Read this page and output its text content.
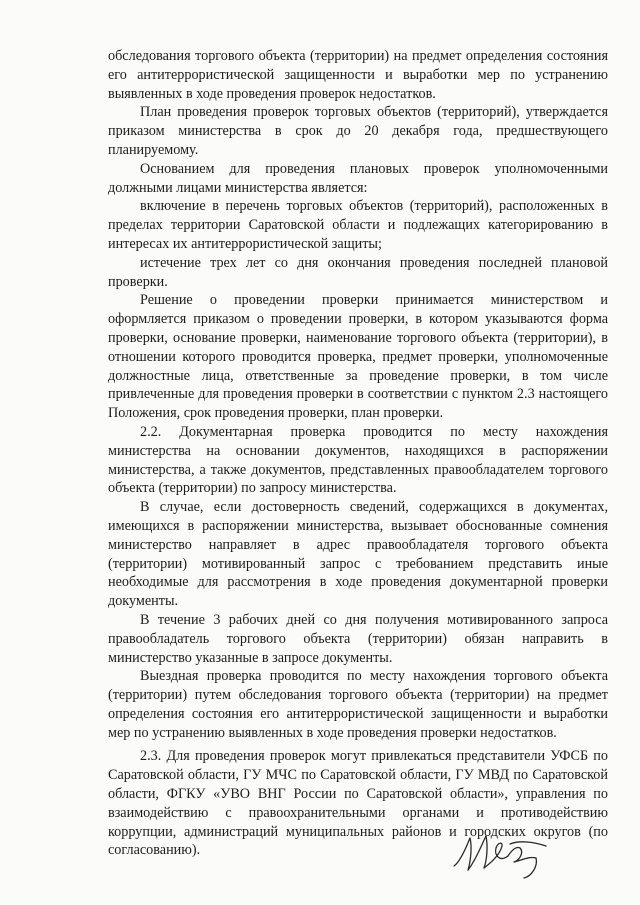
обследования торгового объекта (территории) на предмет определения состояния его антитеррористической защищенности и выработки мер по устранению выявленных в ходе проведения проверок недостатков.

План проведения проверок торговых объектов (территорий), утверждается приказом министерства в срок до 20 декабря года, предшествующего планируемому.

Основанием для проведения плановых проверок уполномоченными должными лицами министерства является:

включение в перечень торговых объектов (территорий), расположенных в пределах территории Саратовской области и подлежащих категорированию в интересах их антитеррористической защиты;

истечение трех лет со дня окончания проведения последней плановой проверки.

Решение о проведении проверки принимается министерством и оформляется приказом о проведении проверки, в котором указываются форма проверки, основание проверки, наименование торгового объекта (территории), в отношении которого проводится проверка, предмет проверки, уполномоченные должностные лица, ответственные за проведение проверки, в том числе привлеченные для проведения проверки в соответствии с пунктом 2.3 настоящего Положения, срок проведения проверки, план проверки.

2.2. Документарная проверка проводится по месту нахождения министерства на основании документов, находящихся в распоряжении министерства, а также документов, представленных правообладателем торгового объекта (территории) по запросу министерства.

В случае, если достоверность сведений, содержащихся в документах, имеющихся в распоряжении министерства, вызывает обоснованные сомнения министерство направляет в адрес правообладателя торгового объекта (территории) мотивированный запрос с требованием представить иные необходимые для рассмотрения в ходе проведения документарной проверки документы.

В течение 3 рабочих дней со дня получения мотивированного запроса правообладатель торгового объекта (территории) обязан направить в министерство указанные в запросе документы.

Выездная проверка проводится по месту нахождения торгового объекта (территории) путем обследования торгового объекта (территории) на предмет определения состояния его антитеррористической защищенности и выработки мер по устранению выявленных в ходе проведения проверки недостатков.

2.3. Для проведения проверок могут привлекаться представители УФСБ по Саратовской области, ГУ МЧС по Саратовской области, ГУ МВД по Саратовской области, ФГКУ «УВО ВНГ России по Саратовской области», управления по взаимодействию с правоохранительными органами и противодействию коррупции, администраций муниципальных районов и городских округов (по согласованию).
